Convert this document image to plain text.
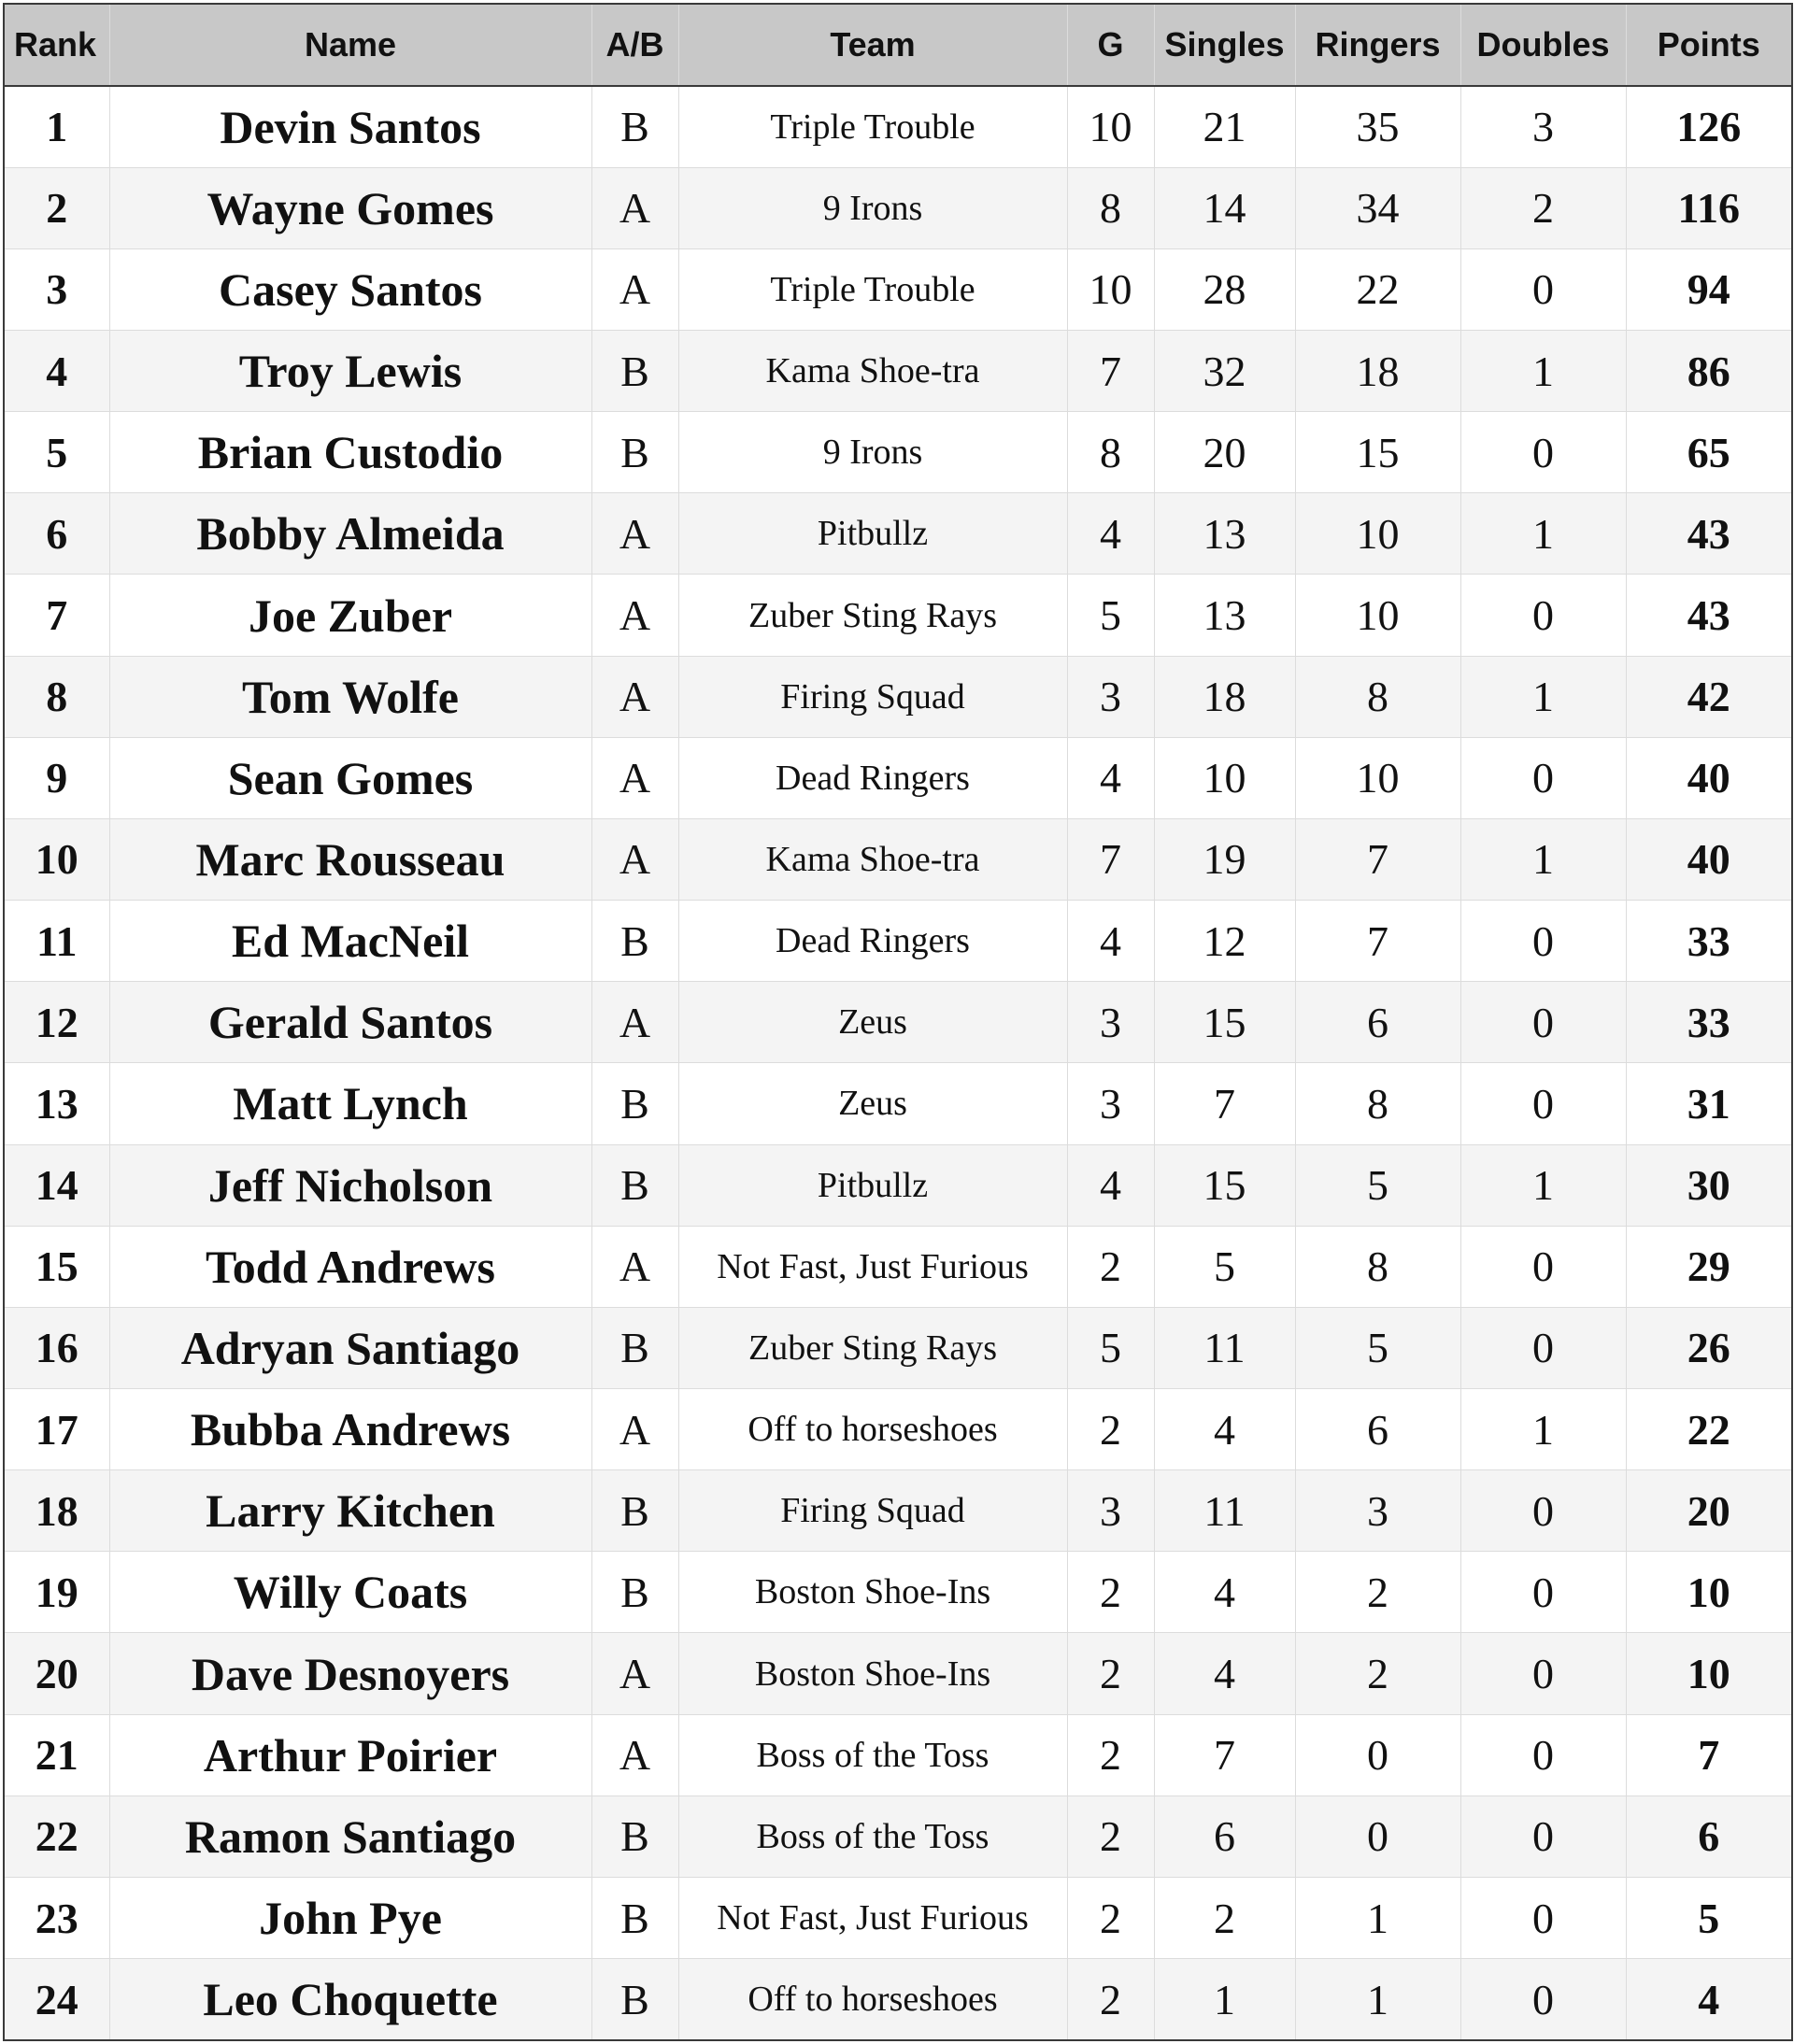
Rank	Name	A/B	Team	G	Singles	Ringers	Doubles	Points
1	Devin Santos	B	Triple Trouble	10	21	35	3	126
2	Wayne Gomes	A	9 Irons	8	14	34	2	116
3	Casey Santos	A	Triple Trouble	10	28	22	0	94
4	Troy Lewis	B	Kama Shoe-tra	7	32	18	1	86
5	Brian Custodio	B	9 Irons	8	20	15	0	65
6	Bobby Almeida	A	Pitbullz	4	13	10	1	43
7	Joe Zuber	A	Zuber Sting Rays	5	13	10	0	43
8	Tom Wolfe	A	Firing Squad	3	18	8	1	42
9	Sean Gomes	A	Dead Ringers	4	10	10	0	40
10	Marc Rousseau	A	Kama Shoe-tra	7	19	7	1	40
11	Ed MacNeil	B	Dead Ringers	4	12	7	0	33
12	Gerald Santos	A	Zeus	3	15	6	0	33
13	Matt Lynch	B	Zeus	3	7	8	0	31
14	Jeff Nicholson	B	Pitbullz	4	15	5	1	30
15	Todd Andrews	A	Not Fast, Just Furious	2	5	8	0	29
16	Adryan Santiago	B	Zuber Sting Rays	5	11	5	0	26
17	Bubba Andrews	A	Off to horseshoes	2	4	6	1	22
18	Larry Kitchen	B	Firing Squad	3	11	3	0	20
19	Willy Coats	B	Boston Shoe-Ins	2	4	2	0	10
20	Dave Desnoyers	A	Boston Shoe-Ins	2	4	2	0	10
21	Arthur Poirier	A	Boss of the Toss	2	7	0	0	7
22	Ramon Santiago	B	Boss of the Toss	2	6	0	0	6
23	John Pye	B	Not Fast, Just Furious	2	2	1	0	5
24	Leo Choquette	B	Off to horseshoes	2	1	1	0	4
